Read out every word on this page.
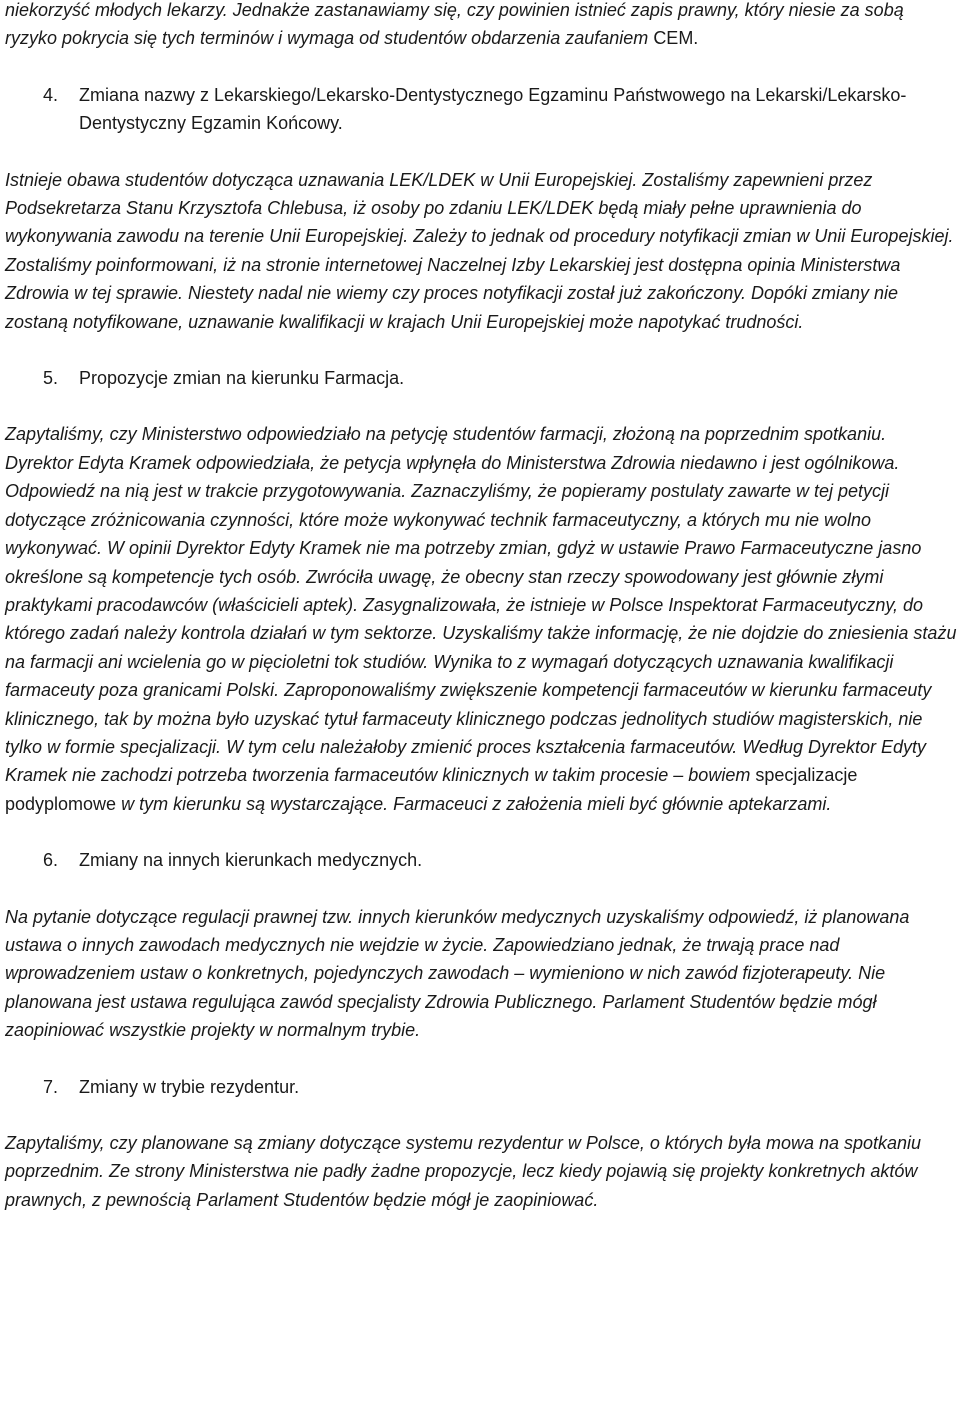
niekorzyść młodych lekarzy. Jednakże zastanawiamy się, czy powinien istnieć zapis prawny, który niesie za sobą ryzyko pokrycia się tych terminów i wymaga od studentów obdarzenia zaufaniem CEM.

4.	Zmiana nazwy z Lekarskiego/Lekarsko-Dentystycznego Egzaminu Państwowego na Lekarski/Lekarsko-Dentystyczny Egzamin Końcowy.

Istnieje obawa studentów dotycząca uznawania LEK/LDEK w Unii Europejskiej. Zostaliśmy zapewnieni przez Podsekretarza Stanu Krzysztofa Chlebusa, iż osoby po zdaniu LEK/LDEK będą miały pełne uprawnienia do wykonywania zawodu na terenie Unii Europejskiej. Zależy to jednak od procedury notyfikacji zmian w Unii Europejskiej. Zostaliśmy poinformowani, iż na stronie internetowej Naczelnej Izby Lekarskiej jest dostępna opinia Ministerstwa Zdrowia w tej sprawie. Niestety nadal nie wiemy czy proces notyfikacji został już zakończony. Dopóki zmiany nie zostaną notyfikowane, uznawanie kwalifikacji w krajach Unii Europejskiej może napotykać trudności.

5.	Propozycje zmian na kierunku Farmacja.

Zapytaliśmy, czy Ministerstwo odpowiedziało na petycję studentów farmacji, złożoną na poprzednim spotkaniu. Dyrektor Edyta Kramek odpowiedziała, że petycja wpłynęła do Ministerstwa Zdrowia niedawno i jest ogólnikowa. Odpowiedź na nią jest w trakcie przygotowywania. Zaznaczyliśmy, że popieramy postulaty zawarte w tej petycji dotyczące zróżnicowania czynności, które może wykonywać technik farmaceutyczny, a których mu nie wolno wykonywać. W opinii Dyrektor Edyty Kramek nie ma potrzeby zmian, gdyż w ustawie Prawo Farmaceutyczne jasno określone są kompetencje tych osób. Zwróciła uwagę, że obecny stan rzeczy spowodowany jest głównie złymi praktykami pracodawców (właścicieli aptek). Zasygnalizowała, że istnieje w Polsce Inspektorat Farmaceutyczny, do którego zadań należy kontrola działań w tym sektorze. Uzyskaliśmy także informację, że nie dojdzie do zniesienia stażu na farmacji ani wcielenia go w pięcioletni tok studiów. Wynika to z wymagań dotyczących uznawania kwalifikacji farmaceuty poza granicami Polski. Zaproponowaliśmy zwiększenie kompetencji farmaceutów w kierunku farmaceuty klinicznego, tak by można było uzyskać tytuł farmaceuty klinicznego podczas jednolitych studiów magisterskich, nie tylko w formie specjalizacji. W tym celu należałoby zmienić proces kształcenia farmaceutów. Według Dyrektor Edyty Kramek nie zachodzi potrzeba tworzenia farmaceutów klinicznych w takim procesie – bowiem specjalizacje podyplomowe w tym kierunku są wystarczające. Farmaceuci z założenia mieli być głównie aptekarzami.

6.	Zmiany na innych kierunkach medycznych.

Na pytanie dotyczące regulacji prawnej tzw. innych kierunków medycznych uzyskaliśmy odpowiedź, iż planowana ustawa o innych zawodach medycznych nie wejdzie w życie. Zapowiedziano jednak, że trwają prace nad wprowadzeniem ustaw o konkretnych, pojedynczych zawodach – wymieniono w nich zawód fizjoterapeuty. Nie planowana jest ustawa regulująca zawód specjalisty Zdrowia Publicznego. Parlament Studentów będzie mógł zaopiniować wszystkie projekty w normalnym trybie.

7.	Zmiany w trybie rezydentur.

Zapytaliśmy, czy planowane są zmiany dotyczące systemu rezydentur w Polsce, o których była mowa na spotkaniu poprzednim. Ze strony Ministerstwa nie padły żadne propozycje, lecz kiedy pojawią się projekty konkretnych aktów prawnych, z pewnością Parlament Studentów będzie mógł je zaopiniować.
